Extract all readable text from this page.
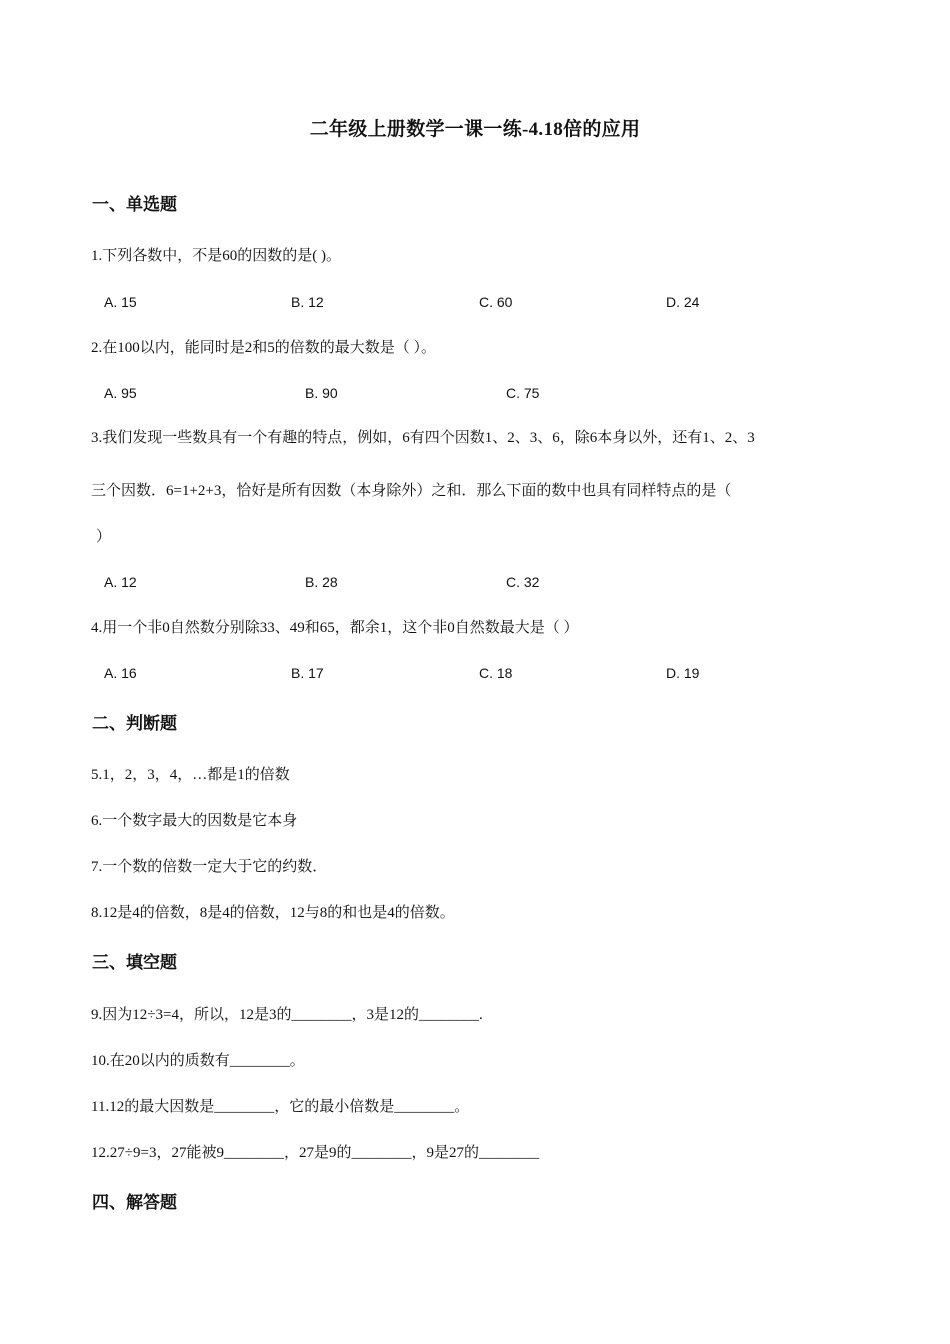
二年级上册数学一课一练-4.18倍的应用
一、单选题
1.下列各数中，不是60的因数的是( )。
A. 15	B. 12	C. 60	D. 24
2.在100以内，能同时是2和5的倍数的最大数是（ ）。
A. 95	B. 90	C. 75
3.我们发现一些数具有一个有趣的特点，例如，6有四个因数1、2、3、6，除6本身以外，还有1、2、3
三个因数．6=1+2+3，恰好是所有因数（本身除外）之和．那么下面的数中也具有同样特点的是（
）
A. 12	B. 28	C. 32
4.用一个非0自然数分别除33、49和65，都余1，这个非0自然数最大是（ ）
A. 16	B. 17	C. 18	D. 19
二、判断题
5.1，2，3，4，…都是1的倍数
6.一个数字最大的因数是它本身
7.一个数的倍数一定大于它的约数．
8.12是4的倍数，8是4的倍数，12与8的和也是4的倍数。
三、填空题
9.因为12÷3=4，所以，12是3的________，3是12的________.
10.在20以内的质数有________。
11.12的最大因数是________，它的最小倍数是________。
12.27÷9=3，27能被9________，27是9的________，9是27的________
四、解答题
